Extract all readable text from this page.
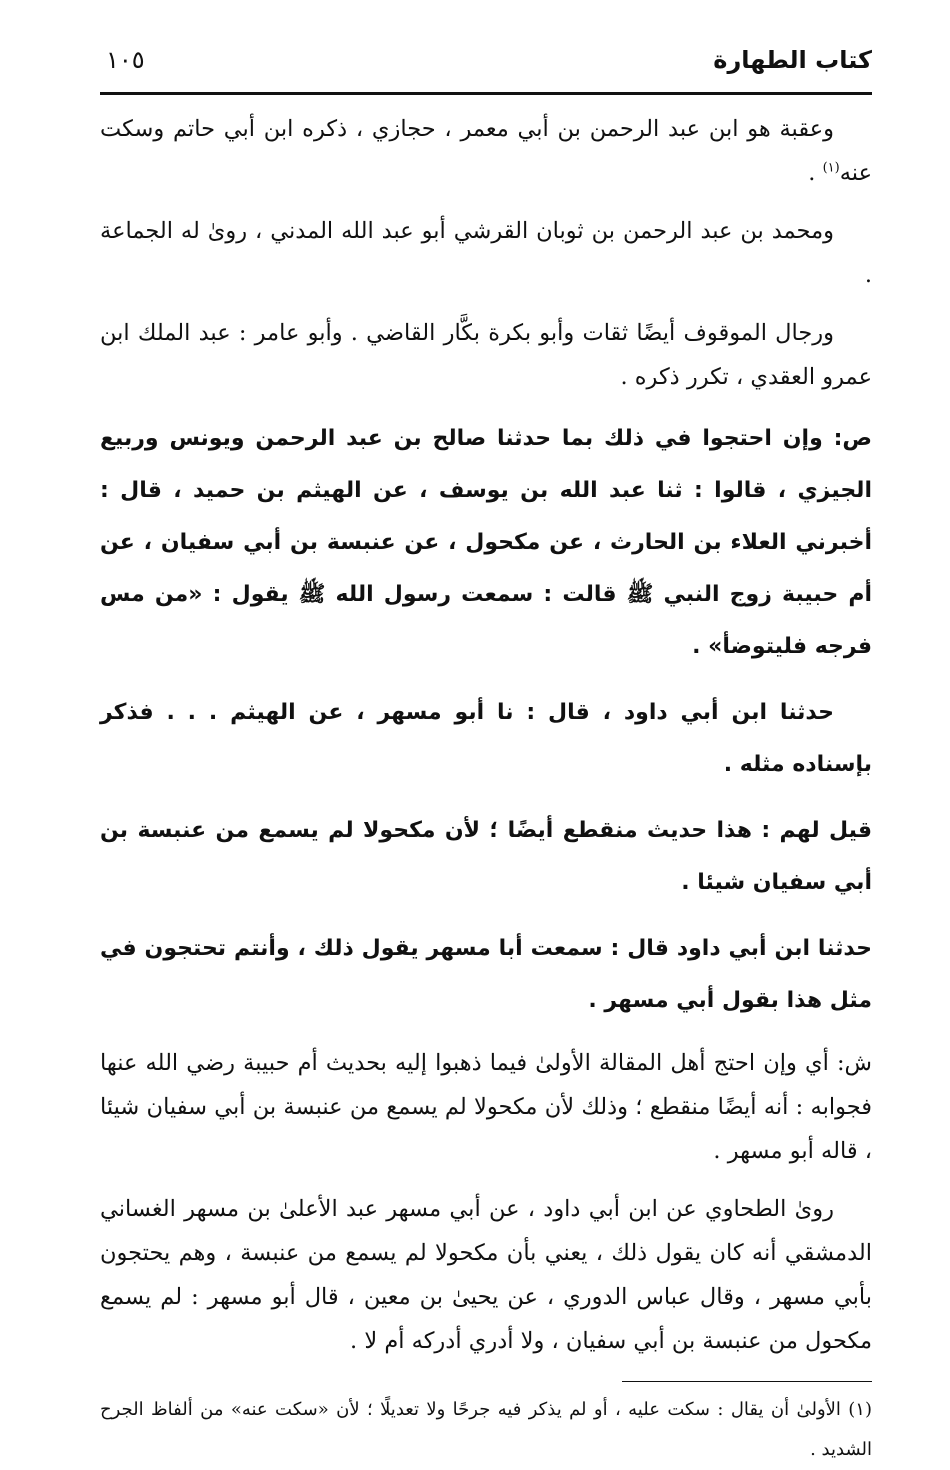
كتاب الطهارة
١٠٥

وعقبة هو ابن عبد الرحمن بن أبي معمر ، حجازي ، ذكره ابن أبي حاتم وسكت عنه$^{(١)}$ .

ومحمد بن عبد الرحمن بن ثوبان القرشي أبو عبد الله المدني ، روىٰ له الجماعة .

ورجال الموقوف أيضًا ثقات وأبو بكرة بكَّار القاضي . وأبو عامر : عبد الملك ابن عمرو العقدي ، تكرر ذكره .

ص: وإن احتجوا في ذلك بما حدثنا صالح بن عبد الرحمن ويونس وربيع الجيزي ، قالوا : ثنا عبد الله بن يوسف ، عن الهيثم بن حميد ، قال : أخبرني العلاء بن الحارث ، عن مكحول ، عن عنبسة بن أبي سفيان ، عن أم حبيبة زوج النبي ﷺ قالت : سمعت رسول الله ﷺ يقول : «من مس فرجه فليتوضأ» .

حدثنا ابن أبي داود ، قال : نا أبو مسهر ، عن الهيثم . . . فذكر بإسناده مثله .

قيل لهم : هذا حديث منقطع أيضًا ؛ لأن مكحولا لم يسمع من عنبسة بن أبي سفيان شيئا .

حدثنا ابن أبي داود قال : سمعت أبا مسهر يقول ذلك ، وأنتم تحتجون في مثل هذا بقول أبي مسهر .

ش: أي وإن احتج أهل المقالة الأولىٰ فيما ذهبوا إليه بحديث أم حبيبة رضي الله عنها فجوابه : أنه أيضًا منقطع ؛ وذلك لأن مكحولا لم يسمع من عنبسة بن أبي سفيان شيئا ، قاله أبو مسهر .

روىٰ الطحاوي عن ابن أبي داود ، عن أبي مسهر عبد الأعلىٰ بن مسهر الغساني الدمشقي أنه كان يقول ذلك ، يعني بأن مكحولا لم يسمع من عنبسة ، وهم يحتجون بأبي مسهر ، وقال عباس الدوري ، عن يحيىٰ بن معين ، قال أبو مسهر : لم يسمع مكحول من عنبسة بن أبي سفيان ، ولا أدري أدركه أم لا .

(١) الأولىٰ أن يقال : سكت عليه ، أو لم يذكر فيه جرحًا ولا تعديلًا ؛ لأن «سكت عنه» من ألفاظ الجرح الشديد .
